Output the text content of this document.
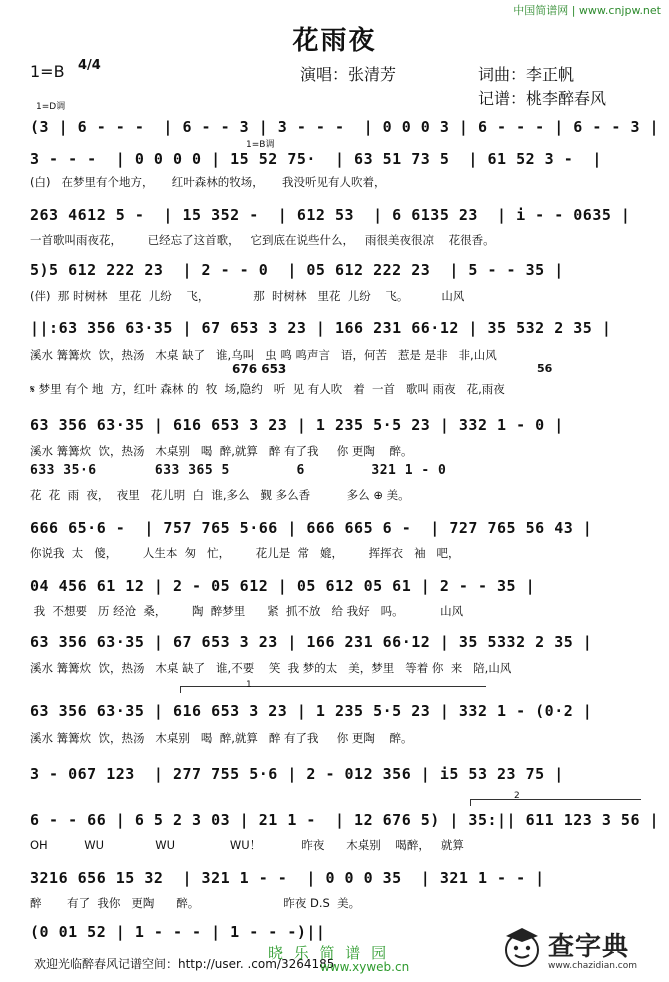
中国简谱网 | www.cnjpw.net
花雨夜
1=B 4/4	演唱：张清芳	词曲：李正帆
记谱：桃李醉春风
1=D调
1=B调
(3 | 6 - - -  | 6 - - 3 | 3 - - -  | 0 0 0 3 | 6 - - - | 6 - - 3 |
3 - - -  | 0 0 0 0 | 15 52 75·  | 63 51 73 5  | 61 52 3 -  |
(白)   在梦里有个地方，     红叶森林的牧场，     我没听见有人吹着，
263 4612 5 -  | 15 352 -  | 612 53  | 6 6135 23  | i - - 0635 |
一首歌叫雨夜花，       已经忘了这首歌，   它到底在说些什么，   雨很美夜很凉    花很香。
5)5 612 222 23  | 2 - - 0  | 05 612 222 23  | 5 - - 35 |
(伴)  那 时树林   里花  儿纷    飞，            那  时树林   里花  儿纷    飞。         山风
||:63 356 63·35 | 67 653 3 23 | 166 231 66·12 | 35 532 2 35 |
溪水 篝篝炊  饮，热汤   木桌 缺了   谁,乌叫   虫 鸣 鸣声言   语，何苦   惹是 是非   非,山风
676 653
𝄋 梦里 有个 地  方，红叶 森林 的  牧  场,隐约   听  见 有人吹   着  一首   歌叫 雨夜   花,雨夜
56
63 356 63·35 | 616 653 3 23 | 1 235 5·5 23 | 332 1 - 0 |
溪水 篝篝炊  饮，热汤   木桌别   喝  醉,就算   醉 有了我     你 更陶    醉。
633 35·6       633 365 5        6        321 1 - 0
花  花  雨  夜，  夜里   花儿明  白  谁,多么   觐 多么香          多么 ⊕ 美。
666 65·6 -  | 757 765 5·66 | 666 665 6 -  | 727 765 56 43 |
你说我  太   傻，       人生本  匆   忙，       花儿是  常   媲，       挥挥衣   袖   吧，
04 456 61 12 | 2 - 05 612 | 05 612 05 61 | 2 - - 35 |
我  不想要   历 经沧  桑，       陶  醉梦里      紧  抓不放   给 我好   吗。          山风
63 356 63·35 | 67 653 3 23 | 166 231 66·12 | 35 5332 2 35 |
溪水 篝篝炊  饮，热汤   木桌 缺了   谁,不要    笑  我 梦的太   美，梦里   等着 你  来   陪,山风
1
63 356 63·35 | 616 653 3 23 | 1 235 5·5 23 | 332 1 - (0·2 |
溪水 篝篝炊  饮，热汤   木桌别   喝  醉,就算   醉 有了我     你 更陶    醉。
3 - 067 123  | 277 755 5·6 | 2 - 012 356 | i5 53 23 75 |
2
6 - - 66 | 6 5 2 3 03 | 21 1 -  | 12 676 5) | 35:|| 611 123 3 56 |
OH          WU              WU               WU！           昨夜      木桌别    喝醉，   就算
3216 656 15 32  | 321 1 - -  | 0 0 0 35  | 321 1 - - |
醉       有了  我你   更陶      醉。                       昨夜 D.S  美。
(0 01 52 | 1 - - - | 1 - - -)||
欢迎光临醉春风记谱空间：http://user. .com/3264185
晓 乐 简 谱 园
www.xyweb.cn
查字典
www.chazidian.com
